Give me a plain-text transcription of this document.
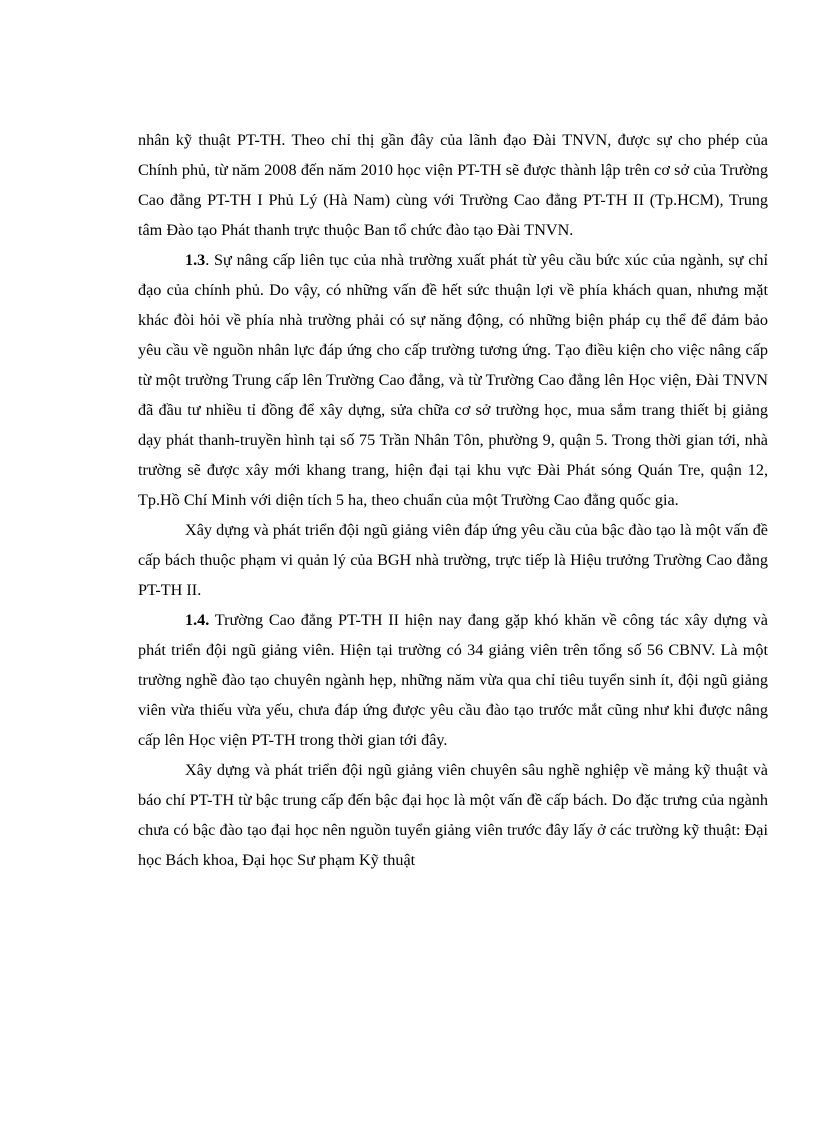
nhân kỹ thuật PT-TH. Theo chỉ thị gần đây của lãnh đạo Đài TNVN, được sự cho phép của Chính phủ, từ năm 2008 đến năm 2010 học viện PT-TH sẽ được thành lập trên cơ sở của Trường Cao đẳng PT-TH I Phủ Lý (Hà Nam) cùng với Trường Cao đẳng PT-TH II (Tp.HCM), Trung tâm Đào tạo Phát thanh trực thuộc Ban tổ chức đào tạo Đài TNVN.

1.3. Sự nâng cấp liên tục của nhà trường xuất phát từ yêu cầu bức xúc của ngành, sự chỉ đạo của chính phủ. Do vậy, có những vấn đề hết sức thuận lợi về phía khách quan, nhưng mặt khác đòi hỏi về phía nhà trường phải có sự năng động, có những biện pháp cụ thể để đảm bảo yêu cầu về nguồn nhân lực đáp ứng cho cấp trường tương ứng. Tạo điều kiện cho việc nâng cấp từ một trường Trung cấp lên Trường Cao đẳng, và từ Trường Cao đẳng lên Học viện, Đài TNVN đã đầu tư nhiều tỉ đồng để xây dựng, sửa chữa cơ sở trường học, mua sắm trang thiết bị giảng dạy phát thanh-truyền hình tại số 75 Trần Nhân Tôn, phường 9, quận 5. Trong thời gian tới, nhà trường sẽ được xây mới khang trang, hiện đại tại khu vực Đài Phát sóng Quán Tre, quận 12, Tp.Hồ Chí Minh với diện tích 5 ha, theo chuẩn của một Trường Cao đẳng quốc gia.

Xây dựng và phát triển đội ngũ giảng viên đáp ứng yêu cầu của bậc đào tạo là một vấn đề cấp bách thuộc phạm vi quản lý của BGH nhà trường, trực tiếp là Hiệu trưởng Trường Cao đẳng PT-TH II.

1.4. Trường Cao đẳng PT-TH II hiện nay đang gặp khó khăn về công tác xây dựng và phát triển đội ngũ giảng viên. Hiện tại trường có 34 giảng viên trên tổng số 56 CBNV. Là một trường nghề đào tạo chuyên ngành hẹp, những năm vừa qua chỉ tiêu tuyển sinh ít, đội ngũ giảng viên vừa thiếu vừa yếu, chưa đáp ứng được yêu cầu đào tạo trước mắt cũng như khi được nâng cấp lên Học viện PT-TH trong thời gian tới đây.

Xây dựng và phát triển đội ngũ giảng viên chuyên sâu nghề nghiệp về mảng kỹ thuật và báo chí PT-TH từ bậc trung cấp đến bậc đại học là một vấn đề cấp bách. Do đặc trưng của ngành chưa có bậc đào tạo đại học nên nguồn tuyển giảng viên trước đây lấy ở các trường kỹ thuật: Đại học Bách khoa, Đại học Sư phạm Kỹ thuật
